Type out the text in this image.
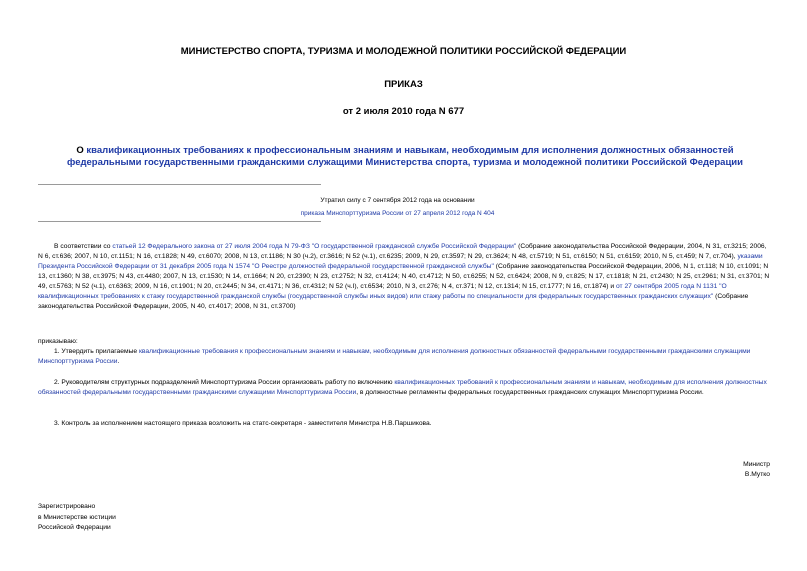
МИНИСТЕРСТВО СПОРТА, ТУРИЗМА И МОЛОДЕЖНОЙ ПОЛИТИКИ РОССИЙСКОЙ ФЕДЕРАЦИИ
ПРИКАЗ
от 2 июля 2010 года N 677
О квалификационных требованиях к профессиональным знаниям и навыкам, необходимым для исполнения должностных обязанностей федеральными государственными гражданскими служащими Министерства спорта, туризма и молодежной политики Российской Федерации
Утратил силу с 7 сентября 2012 года на основании
приказа Минспорттуризма России от 27 апреля 2012 года N 404
В соответствии со статьей 12 Федерального закона от 27 июля 2004 года N 79-ФЗ "О государственной гражданской службе Российской Федерации" (Собрание законодательства Российской Федерации, 2004, N 31, ст.3215; 2006, N 6, ст.636; 2007, N 10, ст.1151; N 16, ст.1828; N 49, ст.6070; 2008, N 13, ст.1186; N 30 (ч.2), ст.3616; N 52 (ч.1), ст.6235; 2009, N 29, ст.3597; N 29, ст.3624; N 48, ст.5719; N 51, ст.6150; N 51, ст.6159; 2010, N 5, ст.459; N 7, ст.704), указами Президента Российской Федерации от 31 декабря 2005 года N 1574 "О Реестре должностей федеральной государственной гражданской службы" (Собрание законодательства Российской Федерации, 2006, N 1, ст.118; N 10, ст.1091; N 13, ст.1360; N 38, ст.3975; N 43, ст.4480; 2007, N 13, ст.1530; N 14, ст.1664; N 20, ст.2390; N 23, ст.2752; N 32, ст.4124; N 40, ст.4712; N 50, ст.6255; N 52, ст.6424; 2008, N 9, ст.825; N 17, ст.1818; N 21, ст.2430; N 25, ст.2961; N 31, ст.3701; N 49, ст.5763; N 52 (ч.1), ст.6363; 2009, N 16, ст.1901; N 20, ст.2445; N 34, ст.4171; N 36, ст.4312; N 52 (ч.I), ст.6534; 2010, N 3, ст.276; N 4, ст.371; N 12, ст.1314; N 15, ст.1777; N 16, ст.1874) и от 27 сентября 2005 года N 1131 "О квалификационных требованиях к стажу государственной гражданской службы (государственной службы иных видов) или стажу работы по специальности для федеральных государственных гражданских служащих" (Собрание законодательства Российской Федерации, 2005, N 40, ст.4017; 2008, N 31, ст.3700)
приказываю:
1. Утвердить прилагаемые квалификационные требования к профессиональным знаниям и навыкам, необходимым для исполнения должностных обязанностей федеральными государственными гражданскими служащими Минспорттуризма России.
2. Руководителям структурных подразделений Минспорттуризма России организовать работу по включению квалификационных требований к профессиональным знаниям и навыкам, необходимым для исполнения должностных обязанностей федеральными государственными гражданскими служащими Минспорттуризма России, в должностные регламенты федеральных государственных гражданских служащих Минспорттуризма России.
3. Контроль за исполнением настоящего приказа возложить на статс-секретаря - заместителя Министра Н.В.Паршикова.
Министр
В.Мутко
Зарегистрировано
в Министерстве юстиции
Российской Федерации
